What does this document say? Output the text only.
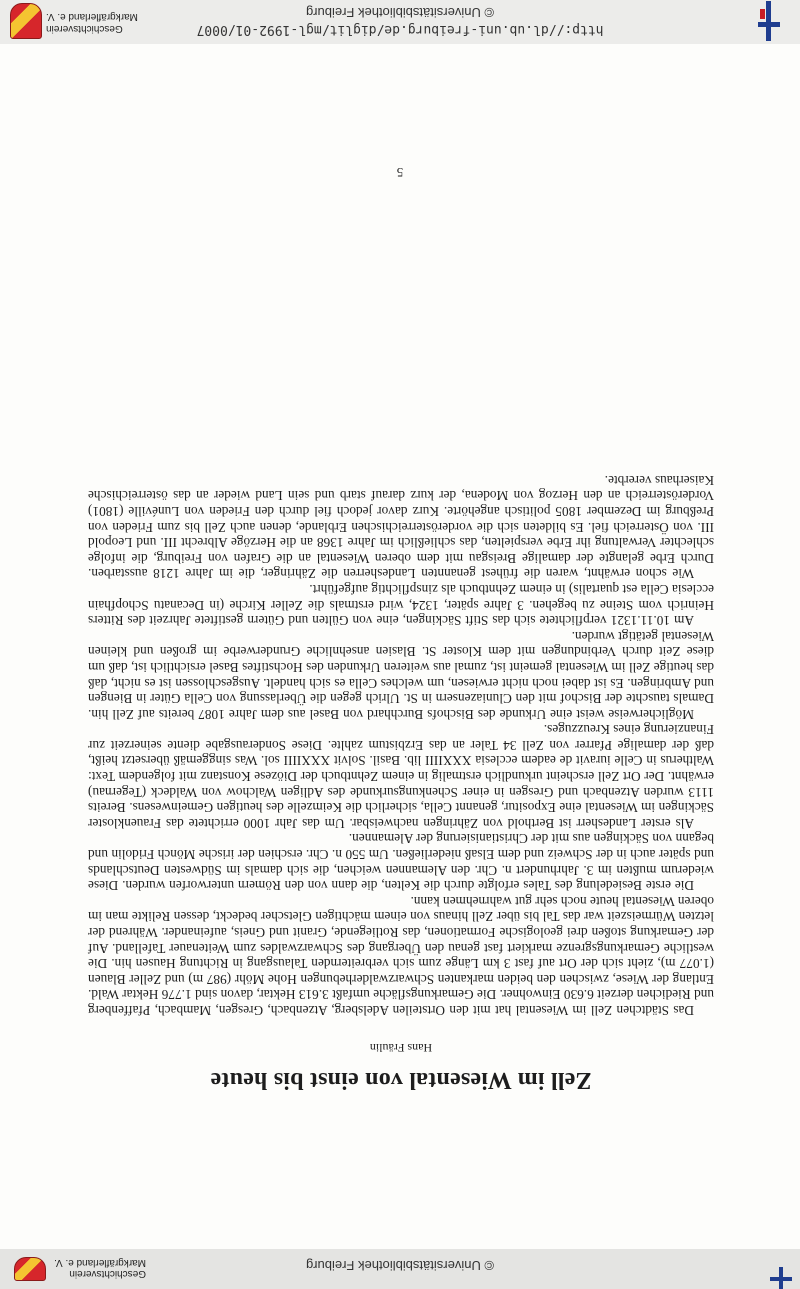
© Universitätsbibliothek Freiburg
Geschichtsverein Markgräflerland e. V.
Zell im Wiesental von einst bis heute
Hans Fräulin

Das Städtchen Zell im Wiesental hat mit den Ortsteilen Adelsberg, Atzenbach, Gresgen, Mambach, Pfaffenberg und Riedichen derzeit 6.630 Einwohner. Die Gemarkungsfläche umfaßt 3.613 Hektar, davon sind 1.776 Hektar Wald. Entlang der Wiese, zwischen den beiden markanten Schwarzwalderhebungen Hohe Möhr (987 m) und Zeller Blauen (1.077 m), zieht sich der Ort auf fast 3 km Länge zum sich verbreiternden Talausgang in Richtung Hausen hin. Die westliche Gemarkungsgrenze markiert fast genau den Übergang des Schwarzwaldes zum Weitenauer Tafelland. Auf der Gemarkung stoßen drei geologische Formationen, das Rotliegende, Granit und Gneis, aufeinander. Während der letzten Würmeiszeit war das Tal bis über Zell hinaus von einem mächtigen Gletscher bedeckt, dessen Relikte man im oberen Wiesental heute noch sehr gut wahrnehmen kann.

Die erste Besiedelung des Tales erfolgte durch die Kelten, die dann von den Römern unterworfen wurden. Diese wiederum mußten im 3. Jahrhundert n. Chr. den Alemannen weichen, die sich damals im Südwesten Deutschlands und später auch in der Schweiz und dem Elsaß niederließen. Um 550 n. Chr. erschien der irische Mönch Fridolin und begann von Säckingen aus mit der Christianisierung der Alemannen.

Als erster Landesherr ist Berthold von Zähringen nachweisbar. Um das Jahr 1000 errichtete das Frauenkloster Säckingen im Wiesental eine Expositur, genannt Cella, sicherlich die Keimzelle des heutigen Gemeinwesens. Bereits 1113 wurden Atzenbach und Gresgen in einer Schenkungsurkunde des Adligen Walchow von Waldeck (Tegernau) erwähnt. Der Ort Zell erscheint urkundlich erstmalig in einem Zehntbuch der Diözese Konstanz mit folgendem Text: Waltherus in Celle iuravit de eadem ecclesia XXXIIII lib. Basil. Solvit XXXIIII sol. Was singgemäß übersetzt heißt, daß der damalige Pfarrer von Zell 34 Taler an das Erzbistum zahlte. Diese Sonderausgabe diente seinerzeit zur Finanzierung eines Kreuzzuges.

Möglicherweise weist eine Urkunde des Bischofs Burchhard von Basel aus dem Jahre 1087 bereits auf Zell hin. Damals tauschte der Bischof mit den Cluniazensern in St. Ulrich gegen die Überlassung von Cella Güter in Biengen und Ambringen. Es ist dabei noch nicht erwiesen, um welches Cella es sich handelt. Ausgeschlossen ist es nicht, daß das heutige Zell im Wiesental gemeint ist, zumal aus weiteren Urkunden des Hochstiftes Basel ersichtlich ist, daß um diese Zeit durch Verbindungen mit dem Kloster St. Blasien ansehnliche Grunderwerbe im großen und kleinen Wiesental getätigt wurden.

Am 10.11.1321 verpflichtete sich das Stift Säckingen, eine von Gülten und Gütern gestiftete Jahrzeit des Ritters Heinrich vom Steine zu begehen. 3 Jahre später, 1324, wird erstmals die Zeller Kirche (in Decanatu Schopfhain ecclesia Cella est quartalis) in einem Zehntbuch als zinspflichtig aufgeführt.

Wie schon erwähnt, waren die frühest genannten Landesherren die Zähringer, die im Jahre 1218 ausstarben. Durch Erbe gelangte der damalige Breisgau mit dem oberen Wiesental an die Grafen von Freiburg, die infolge schlechter Verwaltung ihr Erbe verspielten, das schließlich im Jahre 1368 an die Herzöge Albrecht III. und Leopold III. von Österreich fiel. Es bildeten sich die vorderösterreichischen Erblande, denen auch Zell bis zum Frieden von Preßburg im Dezember 1805 politisch angehörte. Kurz davor jedoch fiel durch den Frieden von Lunéville (1801) Vorderösterreich an den Herzog von Modena, der kurz darauf starb und sein Land wieder an das österreichische Kaiserhaus vererbte.

5
http://dl.ub.uni-freiburg.de/diglit/mgl-1992-01/0007
© Universitätsbibliothek Freiburg
Geschichtsverein Markgräflerland e. V.
